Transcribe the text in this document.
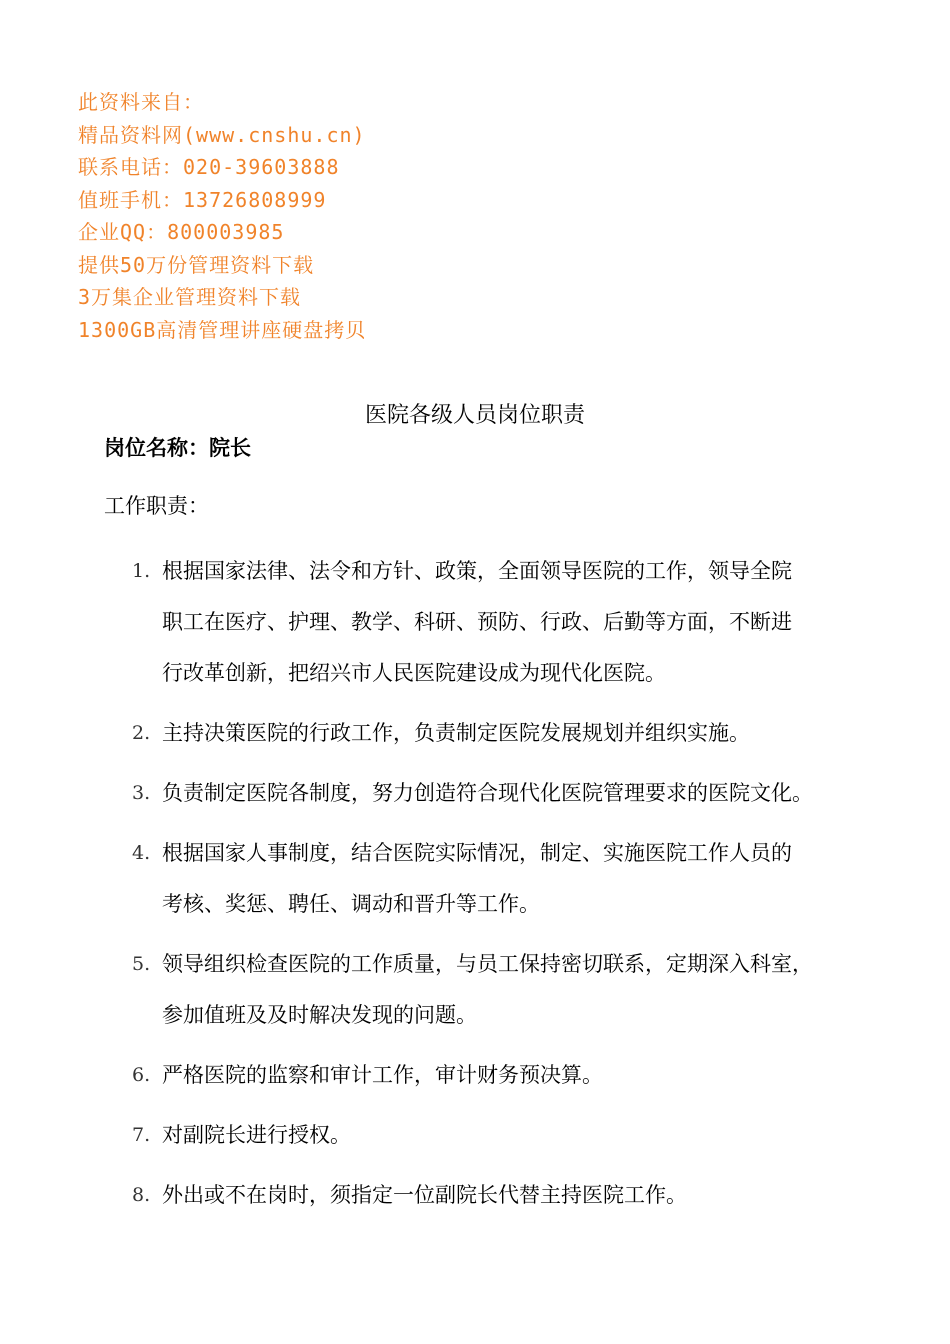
此资料来自：
精品资料网(www.cnshu.cn)
联系电话：020-39603888
值班手机：13726808999
企业QQ：800003985
提供50万份管理资料下载
3万集企业管理资料下载
1300GB高清管理讲座硬盘拷贝
医院各级人员岗位职责
岗位名称：院长
工作职责：
1. 根据国家法律、法令和方针、政策，全面领导医院的工作，领导全院
职工在医疗、护理、教学、科研、预防、行政、后勤等方面，不断进
行改革创新，把绍兴市人民医院建设成为现代化医院。
2. 主持决策医院的行政工作，负责制定医院发展规划并组织实施。
3. 负责制定医院各制度，努力创造符合现代化医院管理要求的医院文化。
4. 根据国家人事制度，结合医院实际情况，制定、实施医院工作人员的
考核、奖惩、聘任、调动和晋升等工作。
5. 领导组织检查医院的工作质量，与员工保持密切联系，定期深入科室，
参加值班及及时解决发现的问题。
6. 严格医院的监察和审计工作，审计财务预决算。
7. 对副院长进行授权。
8. 外出或不在岗时，须指定一位副院长代替主持医院工作。
